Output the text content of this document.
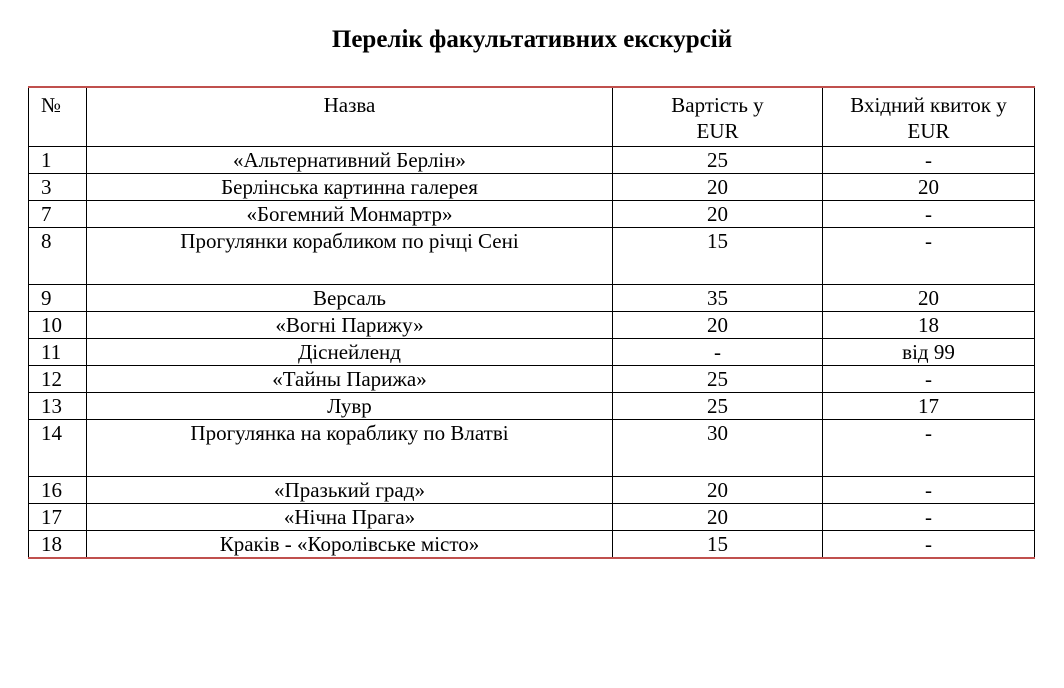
Перелік факультативних екскурсій
№	Назва	Вартість у EUR	Вхідний квиток у EUR
1	«Альтернативний Берлін»	25	-
3	Берлінська картинна галерея	20	20
7	«Богемний Монмартр»	20	-
8	Прогулянки корабликом по річці Сені	15	-
9	Версаль	35	20
10	«Вогні Парижу»	20	18
11	Діснейленд	-	від 99
12	«Тайны Парижа»	25	-
13	Лувр	25	17
14	Прогулянка на кораблику по Влатві	30	-
16	«Празький град»	20	-
17	«Нічна Прага»	20	-
18	Краків - «Королівське місто»	15	-
